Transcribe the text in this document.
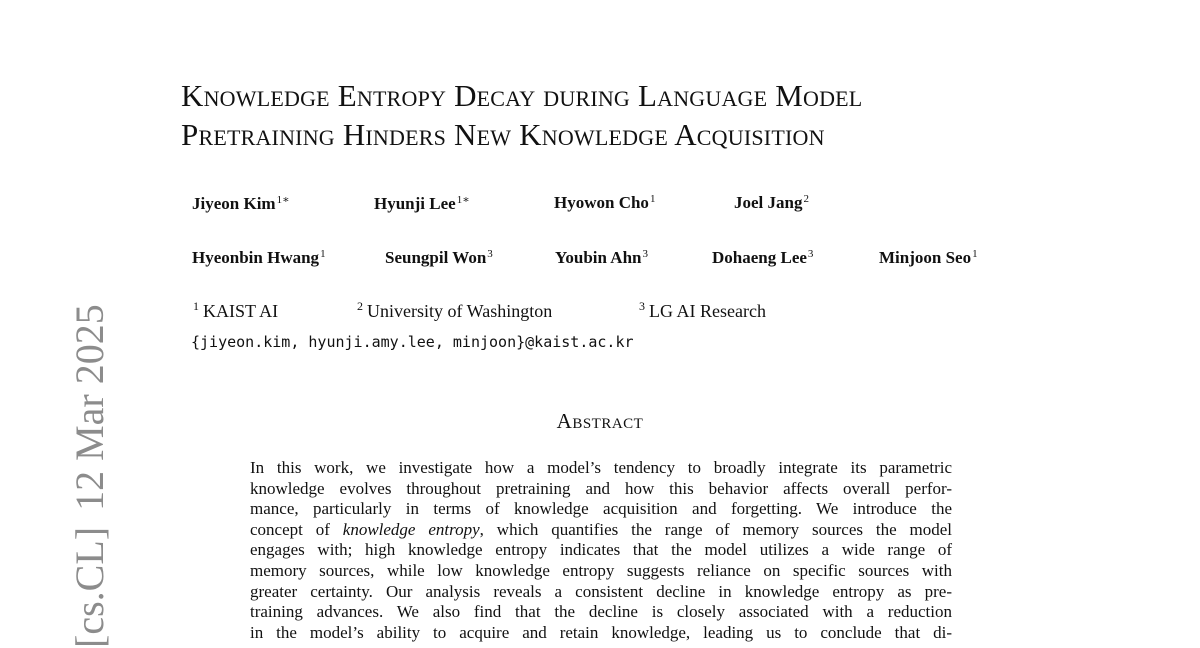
[cs.CL]12 Mar 2025
Knowledge Entropy Decay during Language Model
Pretraining Hinders New Knowledge Acquisition
Jiyeon Kim$^{1∗}$	Hyunji Lee$^{1∗}$	Hyowon Cho$^1$	Joel Jang$^2$
Hyeonbin Hwang$^1$	Seungpil Won$^3$	Youbin Ahn$^3$	Dohaeng Lee$^3$	Minjoon Seo$^1$
$^1$ KAIST AI	$^2$ University of Washington	$^3$ LG AI Research
{jiyeon.kim, hyunji.amy.lee, minjoon}@kaist.ac.kr
Abstract
In this work, we investigate how a model’s tendency to broadly integrate its parametric
knowledge evolves throughout pretraining and how this behavior affects overall perfor-
mance, particularly in terms of knowledge acquisition and forgetting. We introduce the
concept of knowledge entropy, which quantifies the range of memory sources the model
engages with; high knowledge entropy indicates that the model utilizes a wide range of
memory sources, while low knowledge entropy suggests reliance on specific sources with
greater certainty. Our analysis reveals a consistent decline in knowledge entropy as pre-
training advances. We also find that the decline is closely associated with a reduction
in the model’s ability to acquire and retain knowledge, leading us to conclude that di-
